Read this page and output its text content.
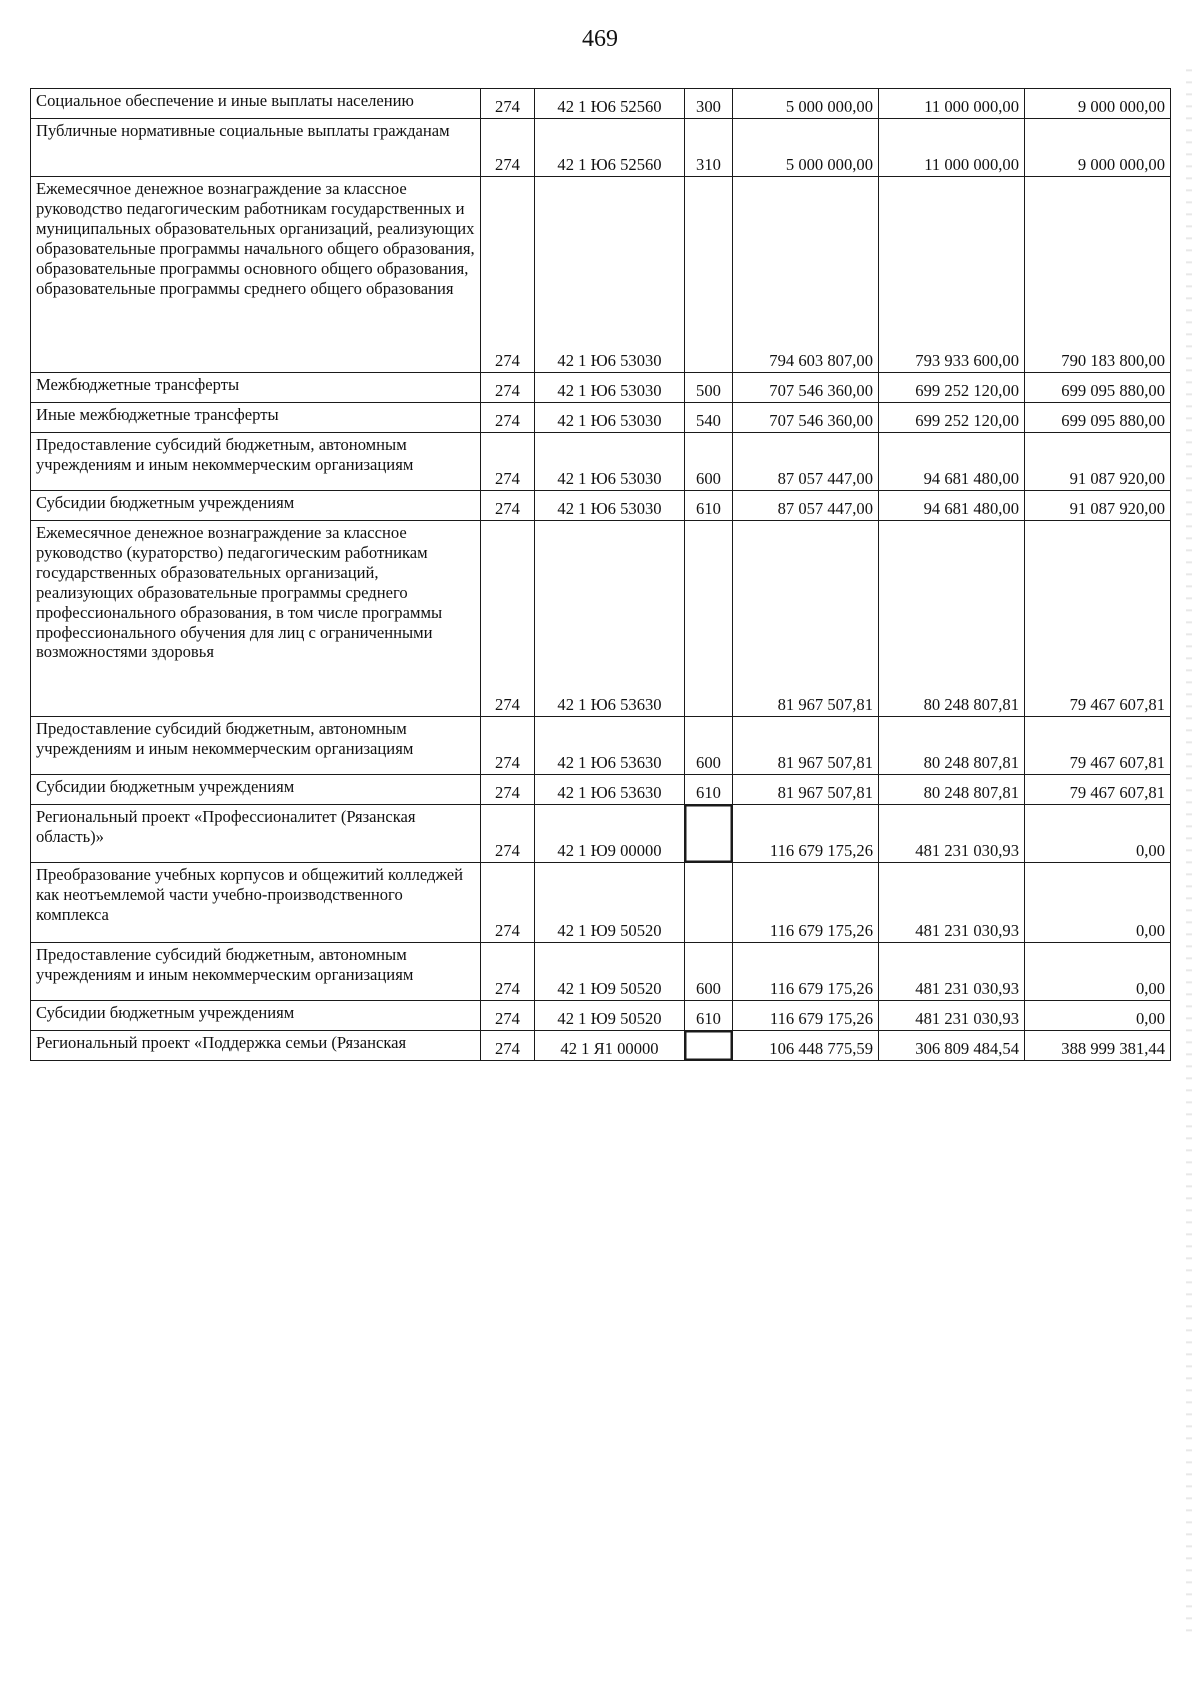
469
Социальное обеспечение и иные выплаты населению	274	42 1 Ю6 52560	300	5 000 000,00	11 000 000,00	9 000 000,00
Публичные нормативные социальные выплаты гражданам	274	42 1 Ю6 52560	310	5 000 000,00	11 000 000,00	9 000 000,00
Ежемесячное денежное вознаграждение за классное руководство педагогическим работникам государственных и муниципальных образовательных организаций, реализующих образовательные программы начального общего образования, образовательные программы основного общего образования, образовательные программы среднего общего образования	274	42 1 Ю6 53030		794 603 807,00	793 933 600,00	790 183 800,00
Межбюджетные трансферты	274	42 1 Ю6 53030	500	707 546 360,00	699 252 120,00	699 095 880,00
Иные межбюджетные трансферты	274	42 1 Ю6 53030	540	707 546 360,00	699 252 120,00	699 095 880,00
Предоставление субсидий бюджетным, автономным учреждениям и иным некоммерческим организациям	274	42 1 Ю6 53030	600	87 057 447,00	94 681 480,00	91 087 920,00
Субсидии бюджетным учреждениям	274	42 1 Ю6 53030	610	87 057 447,00	94 681 480,00	91 087 920,00
Ежемесячное денежное вознаграждение за классное руководство (кураторство) педагогическим работникам государственных образовательных организаций, реализующих образовательные программы среднего профессионального образования, в том числе программы профессионального обучения для лиц с ограниченными возможностями здоровья	274	42 1 Ю6 53630		81 967 507,81	80 248 807,81	79 467 607,81
Предоставление субсидий бюджетным, автономным учреждениям и иным некоммерческим организациям	274	42 1 Ю6 53630	600	81 967 507,81	80 248 807,81	79 467 607,81
Субсидии бюджетным учреждениям	274	42 1 Ю6 53630	610	81 967 507,81	80 248 807,81	79 467 607,81
Региональный проект «Профессионалитет (Рязанская область)»	274	42 1 Ю9 00000		116 679 175,26	481 231 030,93	0,00
Преобразование учебных корпусов и общежитий колледжей как неотъемлемой части учебно-производственного комплекса	274	42 1 Ю9 50520		116 679 175,26	481 231 030,93	0,00
Предоставление субсидий бюджетным, автономным учреждениям и иным некоммерческим организациям	274	42 1 Ю9 50520	600	116 679 175,26	481 231 030,93	0,00
Субсидии бюджетным учреждениям	274	42 1 Ю9 50520	610	116 679 175,26	481 231 030,93	0,00
Региональный проект «Поддержка семьи (Рязанская	274	42 1 Я1 00000		106 448 775,59	306 809 484,54	388 999 381,44
